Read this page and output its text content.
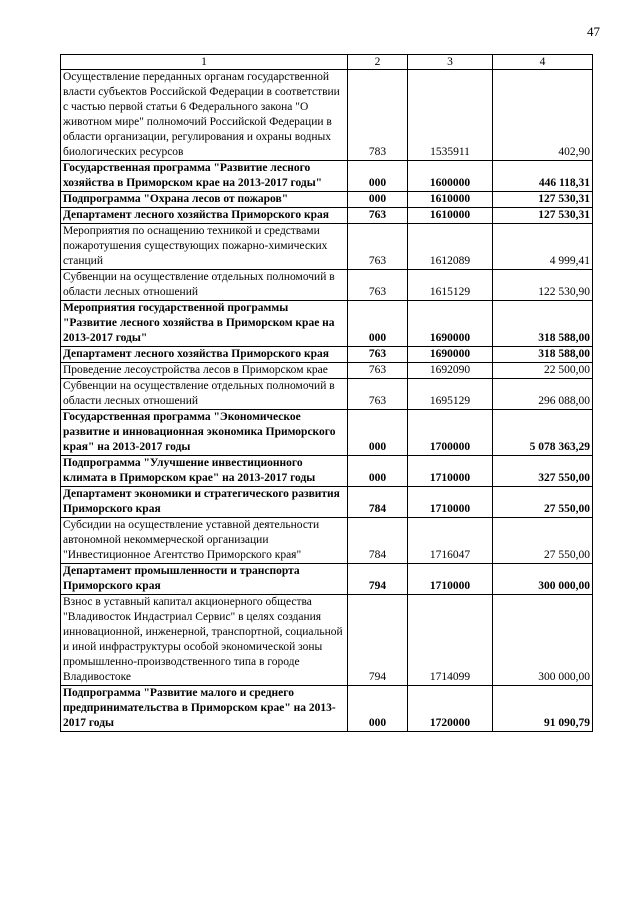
47
1	2	3	4
Осуществление переданных органам государственной власти субъектов Российской Федерации в соответствии с частью первой статьи 6 Федерального закона "О животном мире" полномочий Российской Федерации в области организации, регулирования и охраны водных биологических ресурсов	783	1535911	402,90
Государственная программа "Развитие лесного хозяйства в Приморском крае на 2013-2017 годы"	000	1600000	446 118,31
Подпрограмма "Охрана лесов от пожаров"	000	1610000	127 530,31
Департамент лесного хозяйства Приморского края	763	1610000	127 530,31
Мероприятия по оснащению техникой и средствами пожаротушения существующих пожарно-химических станций	763	1612089	4 999,41
Субвенции на осуществление отдельных полномочий в области лесных отношений	763	1615129	122 530,90
Мероприятия государственной программы "Развитие лесного хозяйства в Приморском крае на 2013-2017 годы"	000	1690000	318 588,00
Департамент лесного хозяйства Приморского края	763	1690000	318 588,00
Проведение лесоустройства лесов в Приморском крае	763	1692090	22 500,00
Субвенции на осуществление отдельных полномочий в области лесных отношений	763	1695129	296 088,00
Государственная программа "Экономическое развитие и инновационная экономика Приморского края" на 2013-2017 годы	000	1700000	5 078 363,29
Подпрограмма "Улучшение инвестиционного климата в Приморском крае" на 2013-2017 годы	000	1710000	327 550,00
Департамент экономики и стратегического развития Приморского края	784	1710000	27 550,00
Субсидии на осуществление уставной деятельности автономной некоммерческой организации "Инвестиционное Агентство Приморского края"	784	1716047	27 550,00
Департамент промышленности и транспорта Приморского края	794	1710000	300 000,00
Взнос в уставный капитал акционерного общества "Владивосток Индастриал Сервис" в целях создания инновационной, инженерной, транспортной, социальной и иной инфраструктуры особой экономической зоны промышленно-производственного типа в городе Владивостоке	794	1714099	300 000,00
Подпрограмма "Развитие малого и среднего предпринимательства в Приморском крае" на 2013-2017 годы	000	1720000	91 090,79
